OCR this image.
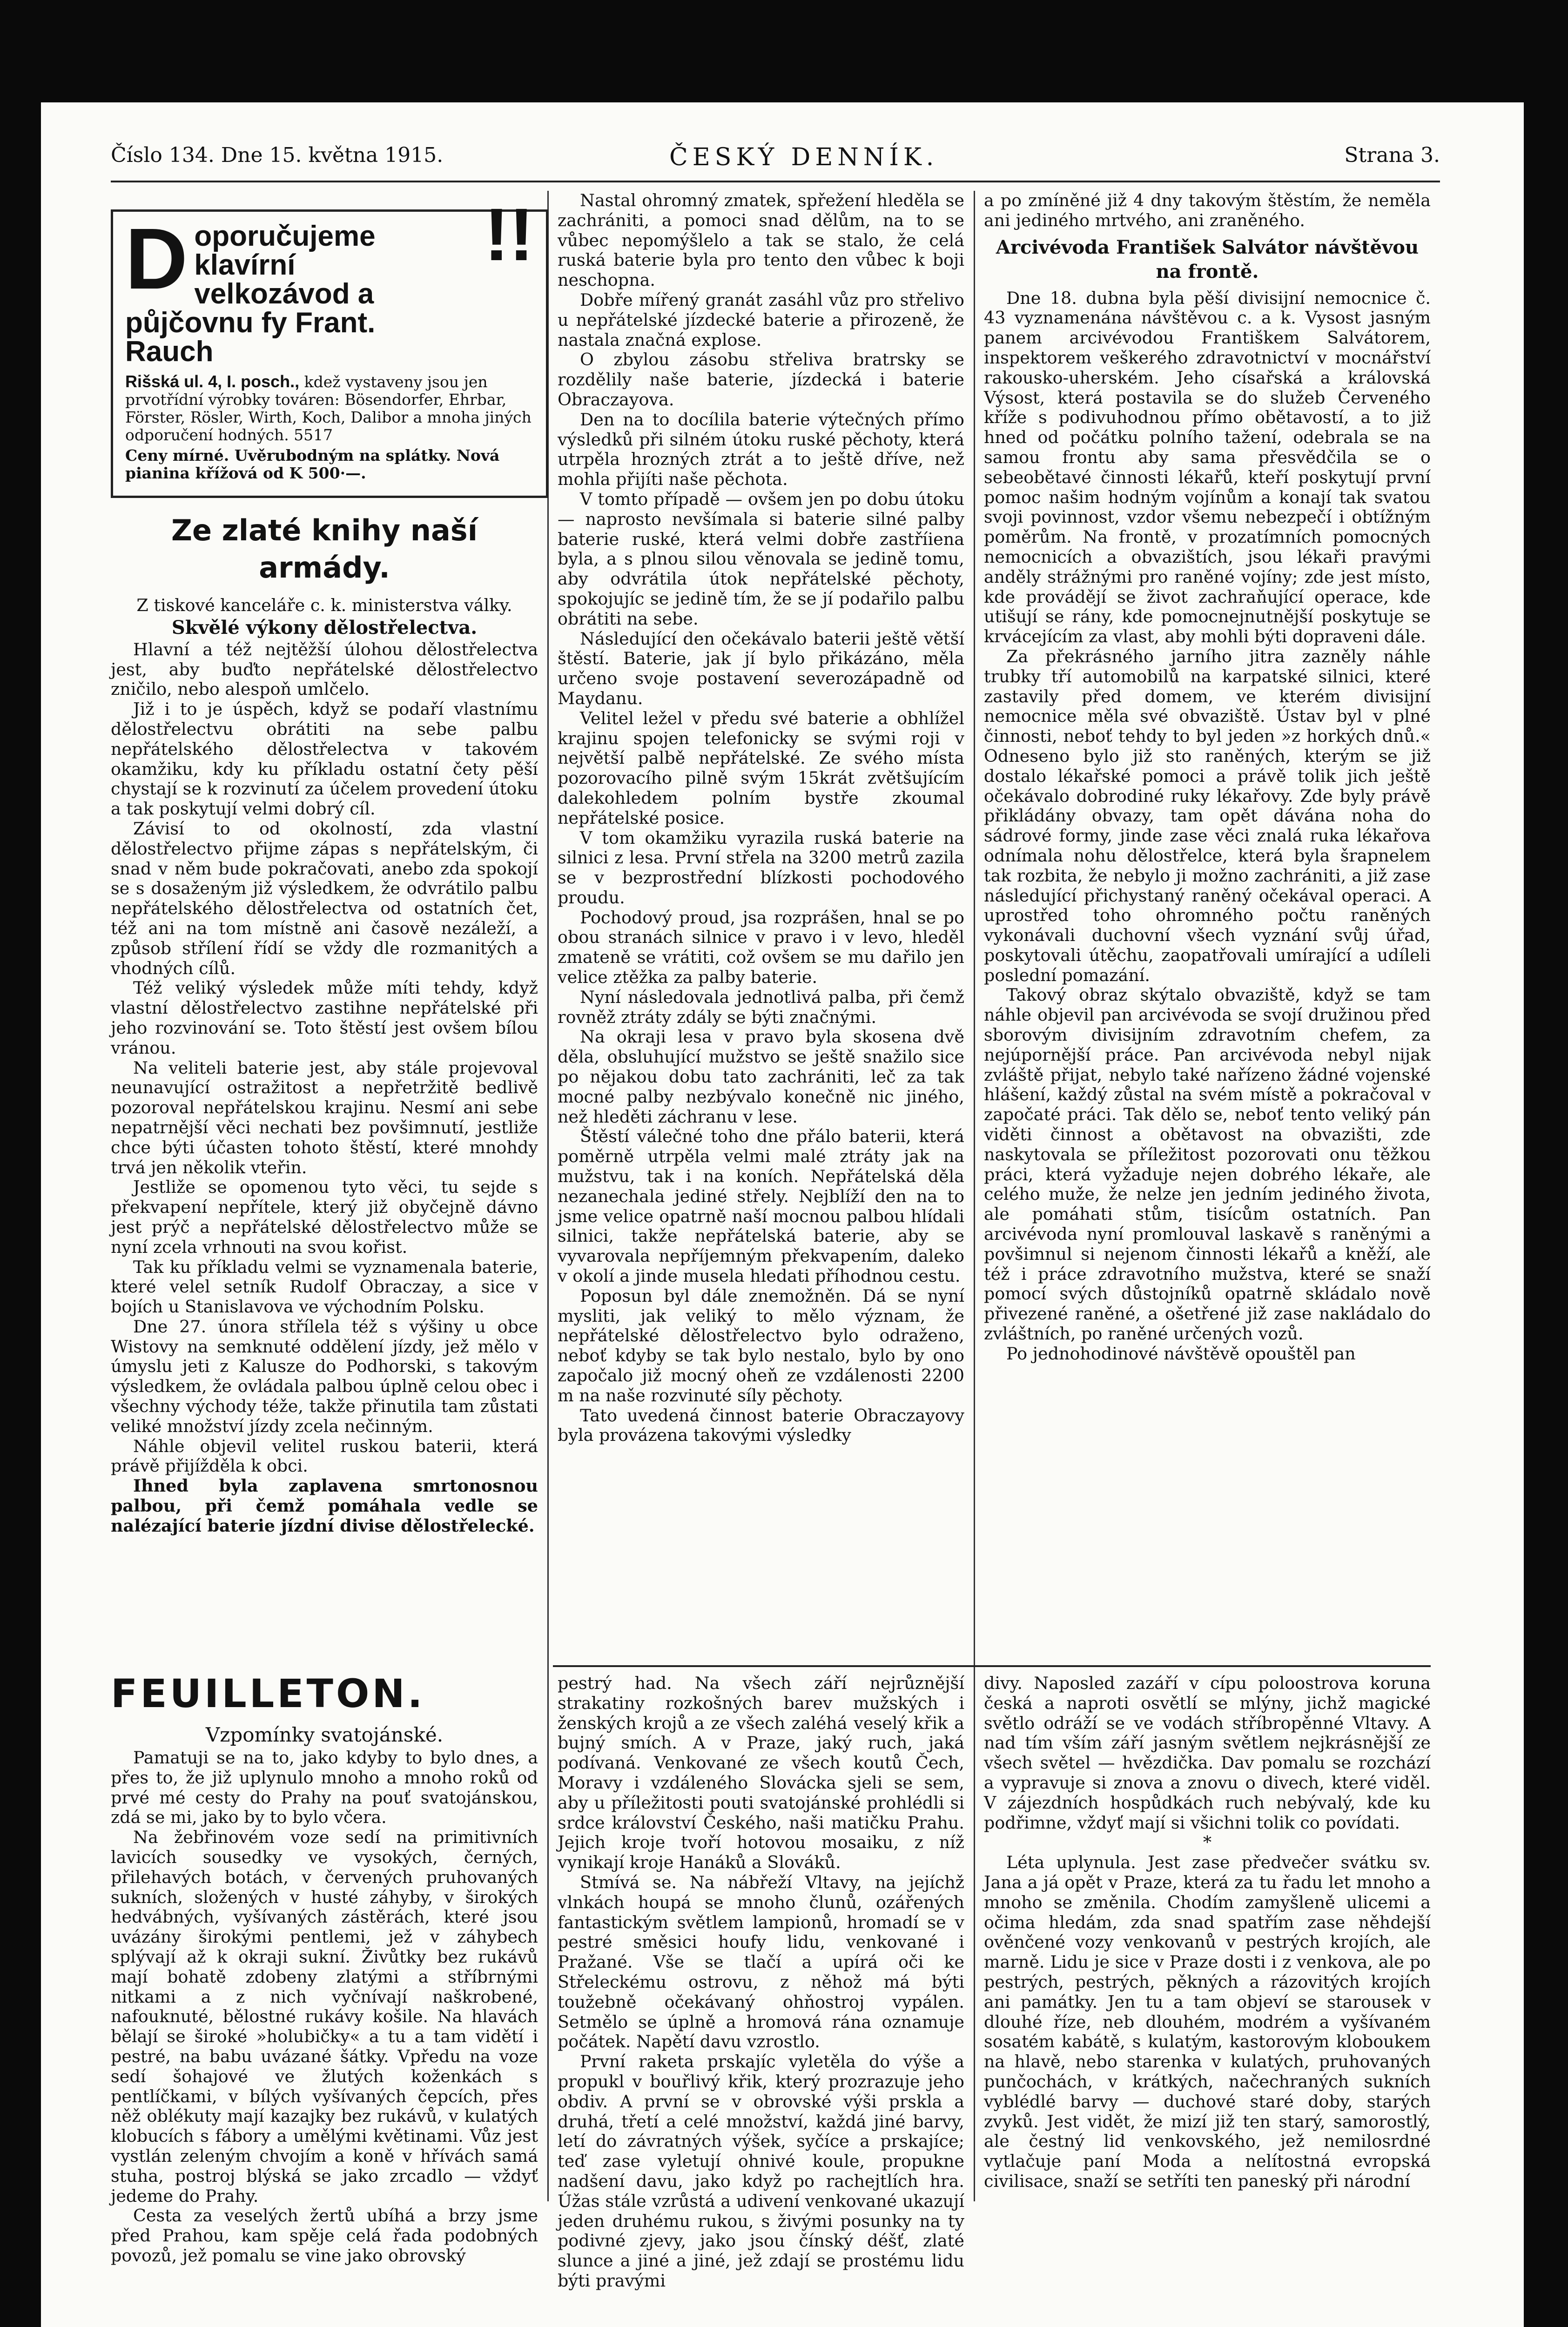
Číslo 134. Dne 15. května 1915.	ČESKÝ DENNÍK.	Strana 3.
!!
D oporučujeme klavírní velkozávod a půjčovnu fy Frant. Rauch
Rišská ul. 4, I. posch., kdež vystaveny jsou jen prvotřídní výrobky továren: Bösendorfer, Ehrbar, Förster, Rösler, Wirth, Koch, Dalibor a mnoha jiných odporučení hodných. 5517
Ceny mírné. Uvěrubodným na splátky. Nová pianina křížová od K 500·—.

Ze zlaté knihy naší armády.

Z tiskové kanceláře c. k. ministerstva války.

Skvělé výkony dělostřelectva.

Hlavní a též nejtěžší úlohou dělostřelectva jest, aby buďto nepřátelské dělostřelectvo zničilo, nebo alespoň umlčelo.

Již i to je úspěch, když se podaří vlastnímu dělostřelectvu obrátiti na sebe palbu nepřátelského dělostřelectva v takovém okamžiku, kdy ku příkladu ostatní čety pěší chystají se k rozvinutí za účelem provedení útoku a tak poskytují velmi dobrý cíl.

Závisí to od okolností, zda vlastní dělostřelectvo přijme zápas s nepřátelským, či snad v něm bude pokračovati, anebo zda spokojí se s dosaženým již výsledkem, že odvrátilo palbu nepřátelského dělostřelectva od ostatních čet, též ani na tom místně ani časově nezáleží, a způsob střílení řídí se vždy dle rozmanitých a vhodných cílů.

Též veliký výsledek může míti tehdy, když vlastní dělostřelectvo zastihne nepřátelské při jeho rozvinování se. Toto štěstí jest ovšem bílou vránou.

Na veliteli baterie jest, aby stále projevoval neunavující ostražitost a nepřetržitě bedlivě pozoroval nepřátelskou krajinu. Nesmí ani sebe nepatrnější věci nechati bez povšimnutí, jestliže chce býti účasten tohoto štěstí, které mnohdy trvá jen několik vteřin.

Jestliže se opomenou tyto věci, tu sejde s překvapení nepřítele, který již obyčejně dávno jest prýč a nepřátelské dělostřelectvo může se nyní zcela vrhnouti na svou kořist.

Tak ku příkladu velmi se vyznamenala baterie, které velel setník Rudolf Obraczay, a sice v bojích u Stanislavova ve východním Polsku.

Dne 27. února střílela též s výšiny u obce Wistovy na semknuté oddělení jízdy, jež mělo v úmyslu jeti z Kalusze do Podhorski, s takovým výsledkem, že ovládala palbou úplně celou obec i všechny východy téže, takže přinutila tam zůstati veliké množství jízdy zcela nečinným.

Náhle objevil velitel ruskou baterii, která právě přijížděla k obci.

Ihned byla zaplavena smrtonosnou palbou, při čemž pomáhala vedle se nalézající baterie jízdní divise dělostřelecké.

Nastal ohromný zmatek, spřežení hleděla se zachrániti, a pomoci snad dělům, na to se vůbec nepomýšlelo a tak se stalo, že celá ruská baterie byla pro tento den vůbec k boji neschopna.

Dobře mířený granát zasáhl vůz pro střelivo u nepřátelské jízdecké baterie a přirozeně, že nastala značná explose.

O zbylou zásobu střeliva bratrsky se rozdělily naše baterie, jízdecká i baterie Obraczayova.

Den na to docílila baterie výtečných přímo výsledků při silném útoku ruské pěchoty, která utrpěla hrozných ztrát a to ještě dříve, než mohla přijíti naše pěchota.

V tomto případě — ovšem jen po dobu útoku — naprosto nevšímala si baterie silné palby baterie ruské, která velmi dobře zastříiena byla, a s plnou silou věnovala se jedině tomu, aby odvrátila útok nepřátelské pěchoty, spokojujíc se jedině tím, že se jí podařilo palbu obrátiti na sebe.

Následující den očekávalo baterii ještě větší štěstí. Baterie, jak jí bylo přikázáno, měla určeno svoje postavení severozápadně od Maydanu.

Velitel ležel v předu své baterie a obhlížel krajinu spojen telefonicky se svými roji v největší palbě nepřátelské. Ze svého místa pozorovacího pilně svým 15krát zvětšujícím dalekohledem polním bystře zkoumal nepřátelské posice.

V tom okamžiku vyrazila ruská baterie na silnici z lesa. První střela na 3200 metrů zazila se v bezprostřední blízkosti pochodového proudu.

Pochodový proud, jsa rozprášen, hnal se po obou stranách silnice v pravo i v levo, hleděl zmateně se vrátiti, což ovšem se mu dařilo jen velice ztěžka za palby baterie.

Nyní následovala jednotlivá palba, při čemž rovněž ztráty zdály se býti značnými.

Na okraji lesa v pravo byla skosena dvě děla, obsluhující mužstvo se ještě snažilo sice po nějakou dobu tato zachrániti, leč za tak mocné palby nezbývalo konečně nic jiného, než hleděti záchranu v lese.

Štěstí válečné toho dne přálo baterii, která poměrně utrpěla velmi malé ztráty jak na mužstvu, tak i na koních. Nepřátelská děla nezanechala jediné střely. Nejblíží den na to jsme velice opatrně naší mocnou palbou hlídali silnici, takže nepřátelská baterie, aby se vyvarovala nepříjemným překvapením, daleko v okolí a jinde musela hledati příhodnou cestu.

Poposun byl dále znemožněn. Dá se nyní mysliti, jak veliký to mělo význam, že nepřátelské dělostřelectvo bylo odraženo, neboť kdyby se tak bylo nestalo, bylo by ono započalo již mocný oheň ze vzdálenosti 2200 m na naše rozvinuté síly pěchoty.

Tato uvedená činnost baterie Obraczayovy byla provázena takovými výsledky

a po zmíněné již 4 dny takovým štěstím, že neměla ani jediného mrtvého, ani zraněného.

Arcivévoda František Salvátor návštěvou na frontě.

Dne 18. dubna byla pěší divisijní nemocnice č. 43 vyznamenána návštěvou c. a k. Vysost jasným panem arcivévodou Františkem Salvátorem, inspektorem veškerého zdravotnictví v mocnářství rakousko-uherském. Jeho císařská a královská Výsost, která postavila se do služeb Červeného kříže s podivuhodnou přímo obětavostí, a to již hned od počátku polního tažení, odebrala se na samou frontu aby sama přesvědčila se o sebeobětavé činnosti lékařů, kteří poskytují první pomoc našim hodným vojínům a konají tak svatou svoji povinnost, vzdor všemu nebezpečí i obtížným poměrům. Na frontě, v prozatímních pomocných nemocnicích a obvazištích, jsou lékaři pravými anděly strážnými pro raněné vojíny; zde jest místo, kde provádějí se život zachraňující operace, kde utišují se rány, kde pomocnejnutnější poskytuje se krvácejícím za vlast, aby mohli býti dopraveni dále.

Za překrásného jarního jitra zazněly náhle trubky tří automobilů na karpatské silnici, které zastavily před domem, ve kterém divisijní nemocnice měla své obvaziště. Ústav byl v plné činnosti, neboť tehdy to byl jeden »z horkých dnů.« Odneseno bylo již sto raněných, kterým se již dostalo lékařské pomoci a právě tolik jich ještě očekávalo dobrodiné ruky lékařovy. Zde byly právě přikládány obvazy, tam opět dávána noha do sádrové formy, jinde zase věci znalá ruka lékařova odnímala nohu dělostřelce, která byla šrapnelem tak rozbita, že nebylo ji možno zachrániti, a již zase následující přichystaný raněný očekával operaci. A uprostřed toho ohromného počtu raněných vykonávali duchovní všech vyznání svůj úřad, poskytovali útěchu, zaopatřovali umírající a udíleli poslední pomazání.

Takový obraz skýtalo obvaziště, když se tam náhle objevil pan arcivévoda se svojí družinou před sborovým divisijním zdravotním chefem, za nejúpornější práce. Pan arcivévoda nebyl nijak zvláště přijat, nebylo také nařízeno žádné vojenské hlášení, každý zůstal na svém místě a pokračoval v započaté práci. Tak dělo se, neboť tento veliký pán viděti činnost a obětavost na obvazišti, zde naskytovala se příležitost pozorovati onu těžkou práci, která vyžaduje nejen dobrého lékaře, ale celého muže, že nelze jen jedním jediného života, ale pomáhati stům, tisícům ostatních. Pan arcivévoda nyní promlouval laskavě s raněnými a povšimnul si nejenom činnosti lékařů a kněží, ale též i práce zdravotního mužstva, které se snaží pomocí svých důstojníků opatrně skládalo nově přivezené raněné, a ošetřené již zase nakládalo do zvláštních, po raněné určených vozů.

Po jednohodinové návštěvě opouštěl pan

FEUILLETON.

Vzpomínky svatojánské.

Pamatuji se na to, jako kdyby to bylo dnes, a přes to, že již uplynulo mnoho a mnoho roků od prvé mé cesty do Prahy na pouť svatojánskou, zdá se mi, jako by to bylo včera.

Na žebřinovém voze sedí na primitivních lavicích sousedky ve vysokých, černých, přilehavých botách, v červených pruhovaných sukních, složených v husté záhyby, v širokých hedvábných, vyšívaných zástěrách, které jsou uvázány širokými pentlemi, jež v záhybech splývají až k okraji sukní. Živůtky bez rukávů mají bohatě zdobeny zlatými a stříbrnými nitkami a z nich vyčnívají naškrobené, nafouknuté, bělostné rukávy košile. Na hlavách bělají se široké »holubičky« a tu a tam vidětí i pestré, na babu uvázané šátky. Vpředu na voze sedí šohajové ve žlutých koženkách s pentlíčkami, v bílých vyšívaných čepcích, přes něž oblékuty mají kazajky bez rukávů, v kulatých klobucích s fábory a umělými květinami. Vůz jest vystlán zeleným chvojím a koně v hřívách samá stuha, postroj blýská se jako zrcadlo — vždyť jedeme do Prahy.

Cesta za veselých žertů ubíhá a brzy jsme před Prahou, kam spěje celá řada podobných povozů, jež pomalu se vine jako obrovský

pestrý had. Na všech září nejrůznější strakatiny rozkošných barev mužských i ženských krojů a ze všech zaléhá veselý křik a bujný smích. A v Praze, jaký ruch, jaká podívaná. Venkované ze všech koutů Čech, Moravy i vzdáleného Slovácka sjeli se sem, aby u příležitosti pouti svatojánské prohlédli si srdce království Českého, naši matičku Prahu. Jejich kroje tvoří hotovou mosaiku, z níž vynikají kroje Hanáků a Slováků.

Stmívá se. Na nábřeží Vltavy, na jejíchž vlnkách houpá se mnoho člunů, ozářených fantastickým světlem lampionů, hromadí se v pestré směsici houfy lidu, venkované i Pražané. Vše se tlačí a upírá oči ke Střeleckému ostrovu, z něhož má býti toužebně očekávaný ohňostroj vypálen. Setmělo se úplně a hromová rána oznamuje počátek. Napětí davu vzrostlo.

První raketa prskajíc vyletěla do výše a propukl v bouřlivý křik, který prozrazuje jeho obdiv. A první se v obrovské výši prskla a druhá, třetí a celé množství, každá jiné barvy, letí do závratných výšek, syčíce a prskajíce; teď zase vyletují ohnivé koule, propukne nadšení davu, jako když po rachejtlích hra. Úžas stále vzrůstá a udivení venkované ukazují jeden druhému rukou, s živými posunky na ty podivné zjevy, jako jsou čínský déšť, zlaté slunce a jiné a jiné, jež zdají se prostému lidu býti pravými

divy. Naposled zazáří v cípu poloostrova koruna česká a naproti osvětlí se mlýny, jichž magické světlo odráží se ve vodách stříbropěnné Vltavy. A nad tím vším září jasným světlem nejkrásnější ze všech světel — hvězdička. Dav pomalu se rozchází a vypravuje si znova a znovu o divech, které viděl. V zájezdních hospůdkách ruch nebývalý, kde ku podřimne, vždyť mají si všichni tolik co povídati.

*

Léta uplynula. Jest zase předvečer svátku sv. Jana a já opět v Praze, která za tu řadu let mnoho a mnoho se změnila. Chodím zamyšleně ulicemi a očima hledám, zda snad spatřím zase něhdejší ověnčené vozy venkovanů v pestrých krojích, ale marně. Lidu je sice v Praze dosti i z venkova, ale po pestrých, pestrých, pěkných a rázovitých krojích ani památky. Jen tu a tam objeví se starousek v dlouhé říze, neb dlouhém, modrém a vyšívaném sosatém kabátě, s kulatým, kastorovým kloboukem na hlavě, nebo starenka v kulatých, pruhovaných punčochách, v krátkých, načechraných sukních vyblédlé barvy — duchové staré doby, starých zvyků. Jest vidět, že mizí již ten starý, samorostlý, ale čestný lid venkovského, jež nemilosrdné vytlačuje paní Moda a nelítostná evropská civilisace, snaží se setříti ten paneský při národní
